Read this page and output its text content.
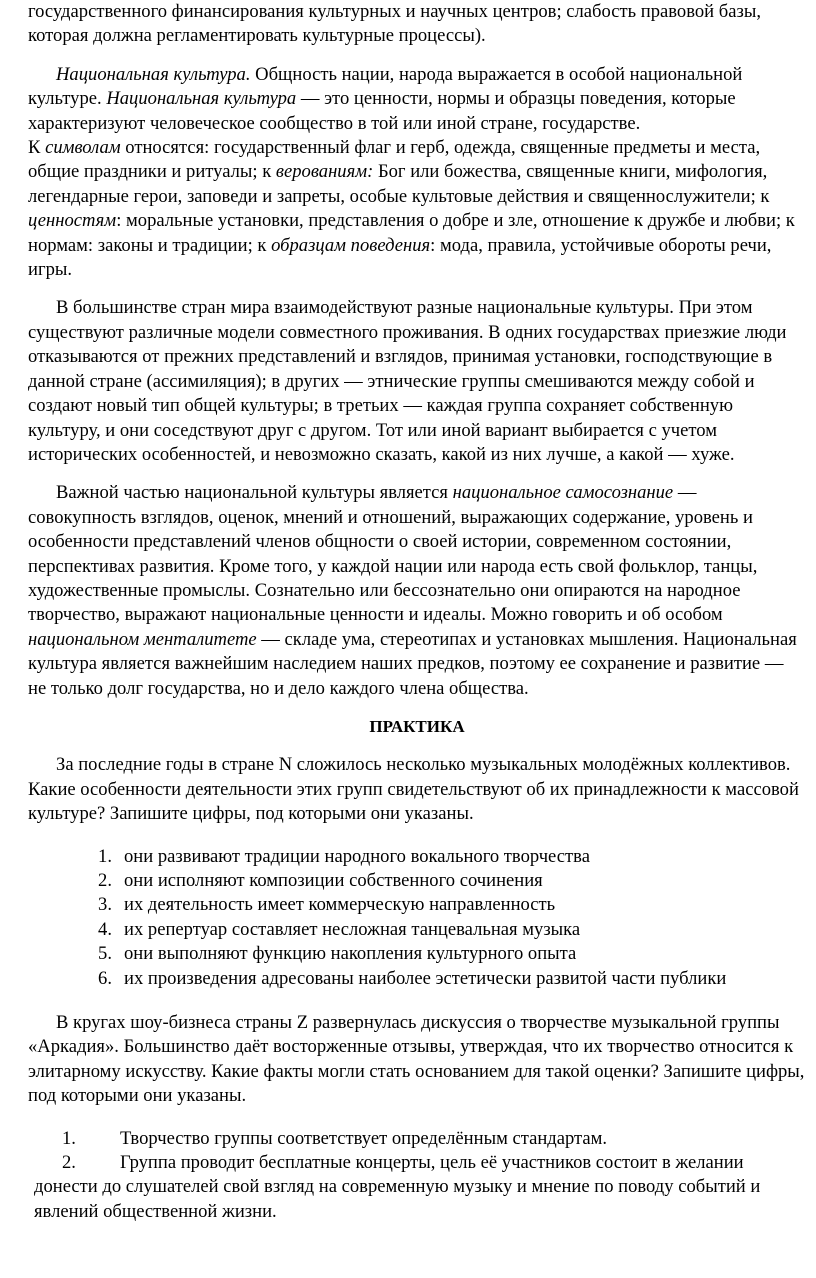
государственного финансирования культурных и научных центров; слабость правовой базы, которая должна регламентировать культурные процессы).

Национальная культура. Общность нации, народа выражается в особой национальной культуре. Национальная культура — это ценности, нормы и образцы поведения, которые характеризуют человеческое сообщество в той или иной стране, государстве.

К символам относятся: государственный флаг и герб, одежда, священные предметы и места, общие праздники и ритуалы; к верованиям: Бог или божества, священные книги, мифология, легендарные герои, заповеди и запреты, особые культовые действия и священнослужители; к ценностям: моральные установки, представления о добре и зле, отношение к дружбе и любви; к нормам: законы и традиции; к образцам поведения: мода, правила, устойчивые обороты речи, игры.

В большинстве стран мира взаимодействуют разные национальные культуры. При этом существуют различные модели совместного проживания. В одних государствах приезжие люди отказываются от прежних представлений и взглядов, принимая установки, господствующие в данной стране (ассимиляция); в других — этнические группы смешиваются между собой и создают новый тип общей культуры; в третьих — каждая группа сохраняет собственную культуру, и они соседствуют друг с другом. Тот или иной вариант выбирается с учетом исторических особенностей, и невозможно сказать, какой из них лучше, а какой — хуже.

Важной частью национальной культуры является национальное самосознание — совокупность взглядов, оценок, мнений и отношений, выражающих содержание, уровень и особенности представлений членов общности о своей истории, современном состоянии, перспективах развития. Кроме того, у каждой нации или народа есть свой фольклор, танцы, художественные промыслы. Сознательно или бессознательно они опираются на народное творчество, выражают национальные ценности и идеалы. Можно говорить и об особом национальном менталитете — складе ума, стереотипах и установках мышления. Национальная культура является важнейшим наследием наших предков, поэтому ее сохранение и развитие — не только долг государства, но и дело каждого члена общества.

ПРАКТИКА

За последние годы в стране N сложилось несколько музыкальных молодёжных коллективов. Какие особенности деятельности этих групп свидетельствуют об их принадлежности к массовой культуре? Запишите цифры, под которыми они указаны.

1. они развивают традиции народного вокального творчества
2. они исполняют композиции собственного сочинения
3. их деятельность имеет коммерческую направленность
4. их репертуар составляет несложная танцевальная музыка
5. они выполняют функцию накопления культурного опыта
6. их произведения адресованы наиболее эстетически развитой части публики

В кругах шоу-бизнеса страны Z развернулась дискуссия о творчестве музыкальной группы «Аркадия». Большинство даёт восторженные отзывы, утверждая, что их творчество относится к элитарному искусству. Какие факты могли стать основанием для такой оценки? Запишите цифры, под которыми они указаны.

1. Творчество группы соответствует определённым стандартам.
2. Группа проводит бесплатные концерты, цель её участников состоит в желании донести до слушателей свой взгляд на современную музыку и мнение по поводу событий и явлений общественной жизни.
